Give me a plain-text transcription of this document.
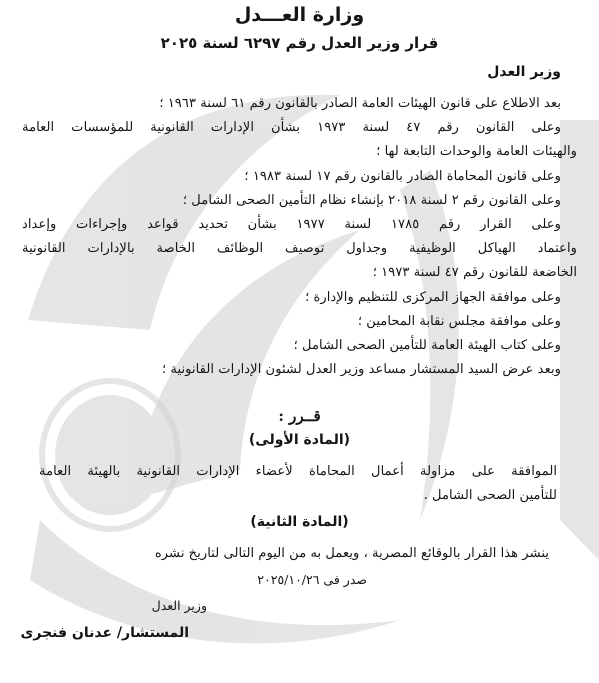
وزارة العـــدل
قرار وزير العدل رقم ٦٢٩٧ لسنة ٢٠٢٥
وزير العدل
بعد الاطلاع على قانون الهيئات العامة الصادر بالقانون رقم ٦١ لسنة ١٩٦٣ ؛
وعلى القانون رقم ٤٧ لسنة ١٩٧٣ بشأن الإدارات القانونية للمؤسسات العامة
والهيئات العامة والوحدات التابعة لها ؛
وعلى قانون المحاماة الصادر بالقانون رقم ١٧ لسنة ١٩٨٣ ؛
وعلى القانون رقم ٢ لسنة ٢٠١٨ بإنشاء نظام التأمين الصحى الشامل ؛
وعلى القرار رقم ١٧٨٥ لسنة ١٩٧٧ بشأن تحديد قواعد وإجراءات وإعداد
واعتماد الهياكل الوظيفية وجداول توصيف الوظائف الخاصة بالإدارات القانونية
الخاضعة للقانون رقم ٤٧ لسنة ١٩٧٣ ؛
وعلى موافقة الجهاز المركزى للتنظيم والإدارة ؛
وعلى موافقة مجلس نقابة المحامين ؛
وعلى كتاب الهيئة العامة للتأمين الصحى الشامل ؛
وبعد عرض السيد المستشار مساعد وزير العدل لشئون الإدارات القانونية ؛
قــرر :
(المادة الأولى)

الموافقة على مزاولة أعمال المحاماة لأعضاء الإدارات القانونية بالهيئة العامة
للتأمين الصحى الشامل .

(المادة الثانية)

ينشر هذا القرار بالوقائع المصرية ، ويعمل به من اليوم التالى لتاريخ نشره

صدر فى ٢٠٢٥/١٠/٢٦
وزير العدل
المستشار/ عدنان فنجرى
